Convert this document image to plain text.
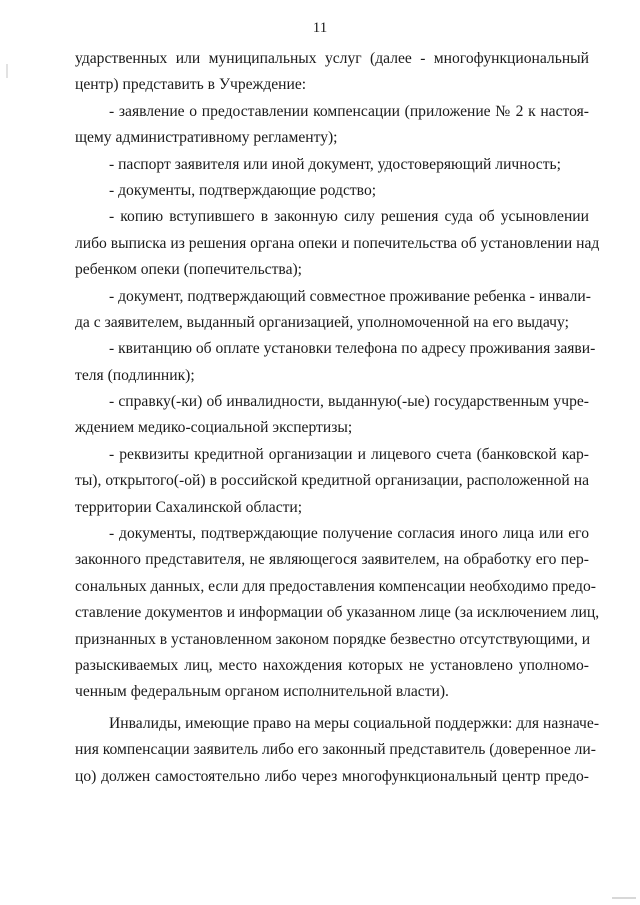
11
ударственных или муниципальных услуг (далее - многофункциональный
центр) представить в Учреждение:
- заявление о предоставлении компенсации (приложение № 2 к настоя-
щему административному регламенту);
- паспорт заявителя или иной документ, удостоверяющий личность;
- документы, подтверждающие родство;
- копию вступившего в законную силу решения суда об усыновлении
либо выписка из решения органа опеки и попечительства об установлении над
ребенком опеки (попечительства);
- документ, подтверждающий совместное проживание ребенка - инвали-
да с заявителем, выданный организацией, уполномоченной на его выдачу;
- квитанцию об оплате установки телефона по адресу проживания заяви-
теля (подлинник);
- справку(-ки) об инвалидности, выданную(-ые) государственным учре-
ждением медико-социальной экспертизы;
- реквизиты кредитной организации и лицевого счета (банковской кар-
ты), открытого(-ой) в российской кредитной организации, расположенной на
территории Сахалинской области;
- документы, подтверждающие получение согласия иного лица или его
законного представителя, не являющегося заявителем, на обработку его пер-
сональных данных, если для предоставления компенсации необходимо предо-
ставление документов и информации об указанном лице (за исключением лиц,
признанных в установленном законом порядке безвестно отсутствующими, и
разыскиваемых лиц, место нахождения которых не установлено уполномо-
ченным федеральным органом исполнительной власти).
Инвалиды, имеющие право на меры социальной поддержки: для назначе-
ния компенсации заявитель либо его законный представитель (доверенное ли-
цо) должен самостоятельно либо через многофункциональный центр предо-
